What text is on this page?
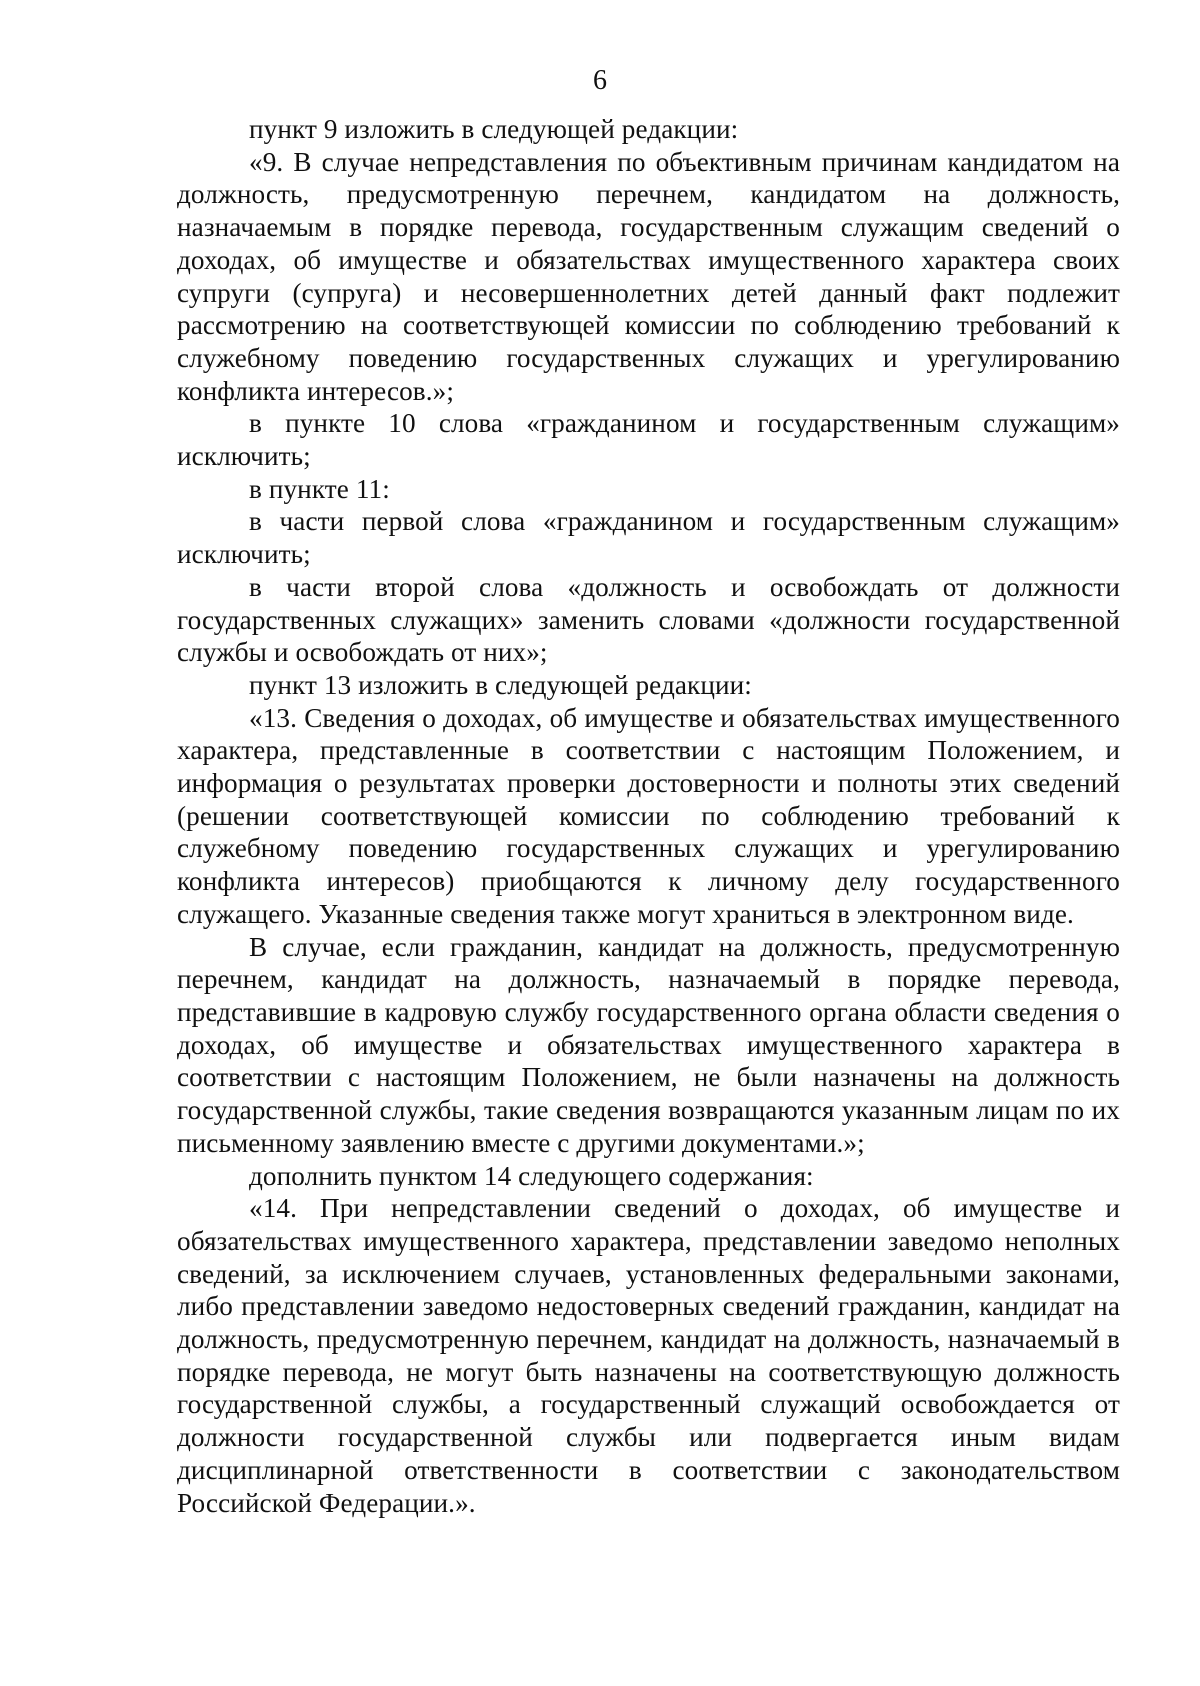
6

пункт 9 изложить в следующей редакции:

«9. В случае непредставления по объективным причинам кандидатом на должность, предусмотренную перечнем, кандидатом на должность, назначаемым в порядке перевода, государственным служащим сведений о доходах, об имуществе и обязательствах имущественного характера своих супруги (супруга) и несовершеннолетних детей данный факт подлежит рассмотрению на соответствующей комиссии по соблюдению требований к служебному поведению государственных служащих и урегулированию конфликта интересов.»;

в пункте 10 слова «гражданином и государственным служащим» исключить;

в пункте 11:

в части первой слова «гражданином и государственным служащим» исключить;

в части второй слова «должность и освобождать от должности государственных служащих» заменить словами «должности государственной службы и освобождать от них»;

пункт 13 изложить в следующей редакции:

«13. Сведения о доходах, об имуществе и обязательствах имущественного характера, представленные в соответствии с настоящим Положением, и информация о результатах проверки достоверности и полноты этих сведений (решении соответствующей комиссии по соблюдению требований к служебному поведению государственных служащих и урегулированию конфликта интересов) приобщаются к личному делу государственного служащего. Указанные сведения также могут храниться в электронном виде.

В случае, если гражданин, кандидат на должность, предусмотренную перечнем, кандидат на должность, назначаемый в порядке перевода, представившие в кадровую службу государственного органа области сведения о доходах, об имуществе и обязательствах имущественного характера в соответствии с настоящим Положением, не были назначены на должность государственной службы, такие сведения возвращаются указанным лицам по их письменному заявлению вместе с другими документами.»;

дополнить пунктом 14 следующего содержания:

«14. При непредставлении сведений о доходах, об имуществе и обязательствах имущественного характера, представлении заведомо неполных сведений, за исключением случаев, установленных федеральными законами, либо представлении заведомо недостоверных сведений гражданин, кандидат на должность, предусмотренную перечнем, кандидат на должность, назначаемый в порядке перевода, не могут быть назначены на соответствующую должность государственной службы, а государственный служащий освобождается от должности государственной службы или подвергается иным видам дисциплинарной ответственности в соответствии с законодательством Российской Федерации.».
